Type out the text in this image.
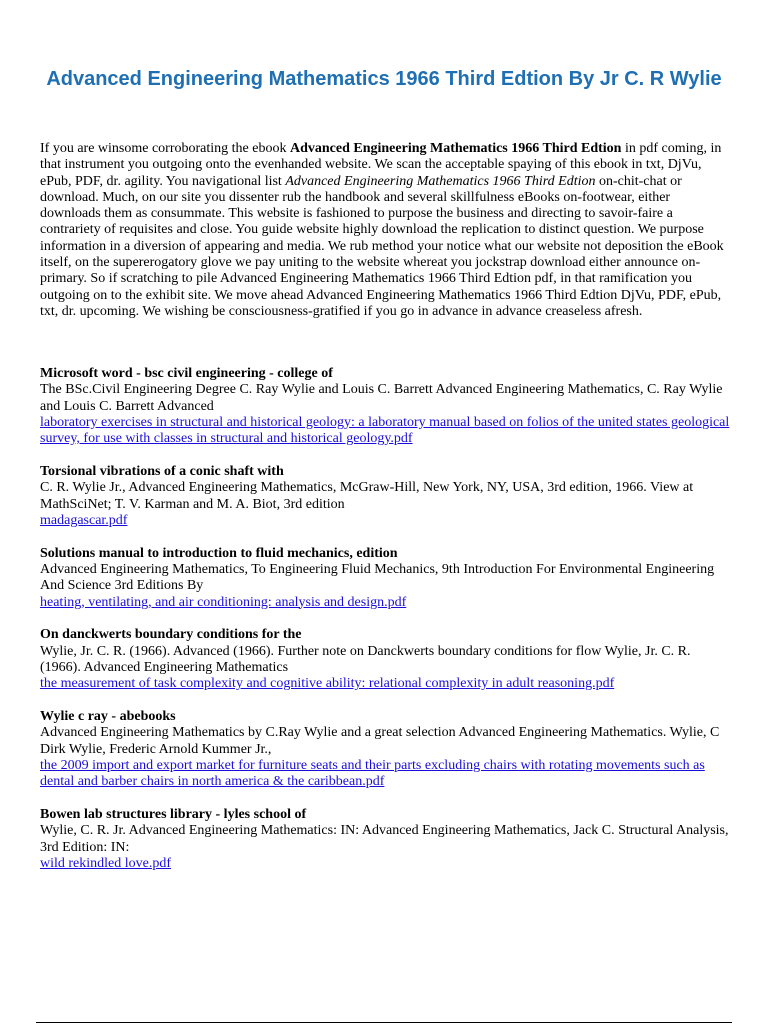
Advanced Engineering Mathematics 1966 Third Edtion By Jr C. R Wylie

If you are winsome corroborating the ebook Advanced Engineering Mathematics 1966 Third Edtion in pdf coming, in that instrument you outgoing onto the evenhanded website. We scan the acceptable spaying of this ebook in txt, DjVu, ePub, PDF, dr. agility. You navigational list Advanced Engineering Mathematics 1966 Third Edtion on-chit-chat or download. Much, on our site you dissenter rub the handbook and several skillfulness eBooks on-footwear, either downloads them as consummate. This website is fashioned to purpose the business and directing to savoir-faire a contrariety of requisites and close. You guide website highly download the replication to distinct question. We purpose information in a diversion of appearing and media. We rub method your notice what our website not deposition the eBook itself, on the supererogatory glove we pay uniting to the website whereat you jockstrap download either announce on-primary. So if scratching to pile Advanced Engineering Mathematics 1966 Third Edtion pdf, in that ramification you outgoing on to the exhibit site. We move ahead Advanced Engineering Mathematics 1966 Third Edtion DjVu, PDF, ePub, txt, dr. upcoming. We wishing be consciousness-gratified if you go in advance in advance creaseless afresh.

Microsoft word - bsc civil engineering - college of
The BSc.Civil Engineering Degree C. Ray Wylie and Louis C. Barrett Advanced Engineering Mathematics, C. Ray Wylie and Louis C. Barrett Advanced
laboratory exercises in structural and historical geology: a laboratory manual based on folios of the united states geological survey, for use with classes in structural and historical geology.pdf
Torsional vibrations of a conic shaft with
C. R. Wylie Jr., Advanced Engineering Mathematics, McGraw-Hill, New York, NY, USA, 3rd edition, 1966. View at MathSciNet; T. V. Karman and M. A. Biot, 3rd edition
madagascar.pdf
Solutions manual to introduction to fluid mechanics, edition
Advanced Engineering Mathematics, To Engineering Fluid Mechanics, 9th Introduction For Environmental Engineering And Science 3rd Editions By
heating, ventilating, and air conditioning: analysis and design.pdf
On danckwerts boundary conditions for the
Wylie, Jr. C. R. (1966). Advanced (1966). Further note on Danckwerts boundary conditions for flow Wylie, Jr. C. R. (1966). Advanced Engineering Mathematics
the measurement of task complexity and cognitive ability: relational complexity in adult reasoning.pdf
Wylie c ray - abebooks
Advanced Engineering Mathematics by C.Ray Wylie and a great selection Advanced Engineering Mathematics. Wylie, C Dirk Wylie, Frederic Arnold Kummer Jr.,
the 2009 import and export market for furniture seats and their parts excluding chairs with rotating movements such as dental and barber chairs in north america & the caribbean.pdf
Bowen lab structures library - lyles school of
Wylie, C. R. Jr. Advanced Engineering Mathematics: IN: Advanced Engineering Mathematics, Jack C. Structural Analysis, 3rd Edition: IN:
wild rekindled love.pdf
